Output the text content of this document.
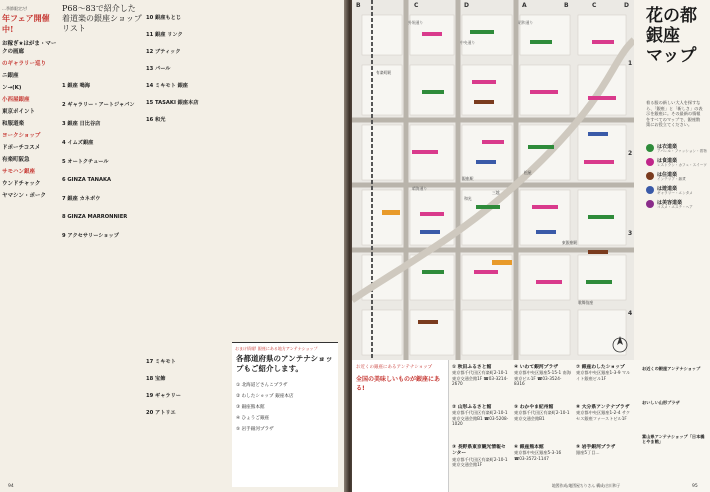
…季節限定だ!
年フェア開催中!
お稼ぎ★はがま・マークの画廊
のギャラリー巡り
ニ銀座
ン→(K)
小西屋銀座
東京ポイント
和服道楽
ヨークショップ
ドポーチコスメ
有楽町阪急
サモハン銀座
ウンドチャック
ヤマシン・ポーク
P68〜83で紹介した着道楽の銀座ショップリスト
1 銀座 鳴海
2 ギャラリー・アートジャパン
3 銀座 日比谷店
4 イムズ銀座
5 オートクチュール
6 GINZA TANAKA
7 銀座 カネボウ
8 GINZA MARRONNIER
9 アクセサリーショップ
10 銀座もとじ
11 銀座 リンク
12 ブティック
13 パール
14 ミキモト 銀座
15 TASAKI 銀座本店
16 和光
おまけ情報! 銀座にある地方アンテナショップ
各都道府県のアンテナショップもご紹介します。
① 北海道どさんこプラザ
② わしたショップ 銀座本店
③ 銀座熊本館
④ ひょうご銀座
⑤ 岩手銀河プラザ
17 ミキモト
18 宝飾
19 ギャラリー
20 アトリエ
94
B	C	D	A	B	C	D
1
2
3
4
有楽町駅
銀座駅
東銀座駅
歌舞伎座
松屋
三越
和光
晴海通り
中央通り
外堀通り	昭和通り	花の都
銀座
マップ
着る服の新しい大人を探すなら、「銀座」と「新しさ」の表示を銀座に。その最新の情報をすべてのマップで、銀座散策にお役立てください。
は衣道楽
アパレル・ファッション・着物
は食道楽
レストラン・カフェ・スイーツ
は住道楽
インテリア・雑貨
は遊道楽
ギャラリー・エンタメ
は美容道楽
コスメ・エステ・ヘア
お近くの銀座にあるアンテナショップ
全国の美味しいものが銀座にある!
① 秋田ふるさと館
東京都千代田区有楽町2-10-1 東京交通会館1F ☎03-3214-2670
② 山形ふるさと館
東京都千代田区有楽町2-10-1 東京交通会館B1 ☎03-5208-1020
③ 長野県東京観光情報センター
東京都千代田区有楽町2-10-1 東京交通会館1F
④ いわて銀河プラザ
東京都中央区銀座5-15-1 南海東京ビル1F ☎03-3524-8316
⑤ わかやま紀州館
東京都千代田区有楽町2-10-1 東京交通会館B1
⑥ 銀座熊本館
東京都中央区銀座5-3-16 ☎03-3572-1147
⑦ 銀座わしたショップ
東京都中央区銀座1-3-9 マルイト銀座ビル1F
⑧ 大分県アンテナプラザ
東京都中央区銀座1-2-4 サクセス銀座ファーストビル1F
⑨ 岩手銀河プラザ
銀座5丁目…
お近くの銀座アンテナショップ
おいしい山形プラザ
富山県アンテナショップ「日本橋とやま館」
地図作成/地図屋ちりさん 構成/吉川和子	95
